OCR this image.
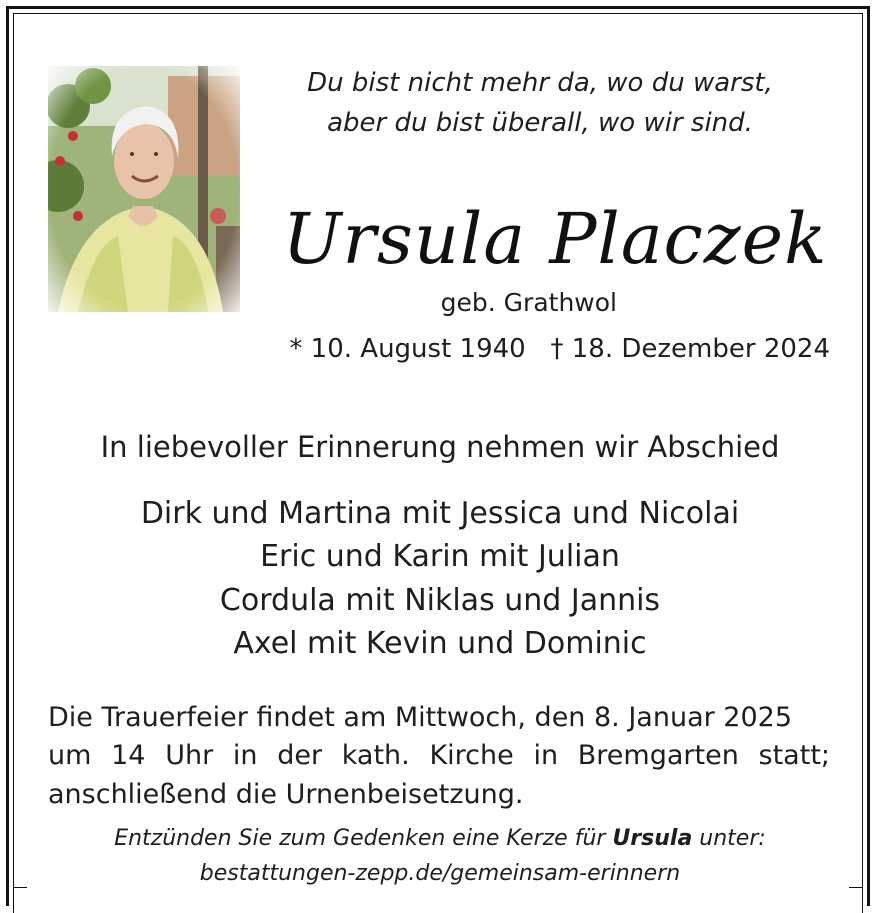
Du bist nicht mehr da, wo du warst,
aber du bist überall, wo wir sind.
Ursula Placzek
geb. Grathwol
* 10. August 1940   † 18. Dezember 2024
In liebevoller Erinnerung nehmen wir Abschied
Dirk und Martina mit Jessica und Nicolai
Eric und Karin mit Julian
Cordula mit Niklas und Jannis
Axel mit Kevin und Dominic
Die Trauerfeier findet am Mittwoch, den 8. Januar 2025
um 14 Uhr in der kath. Kirche in Bremgarten statt;
anschließend die Urnenbeisetzung.
Entzünden Sie zum Gedenken eine Kerze für Ursula unter:
bestattungen-zepp.de/gemeinsam-erinnern
